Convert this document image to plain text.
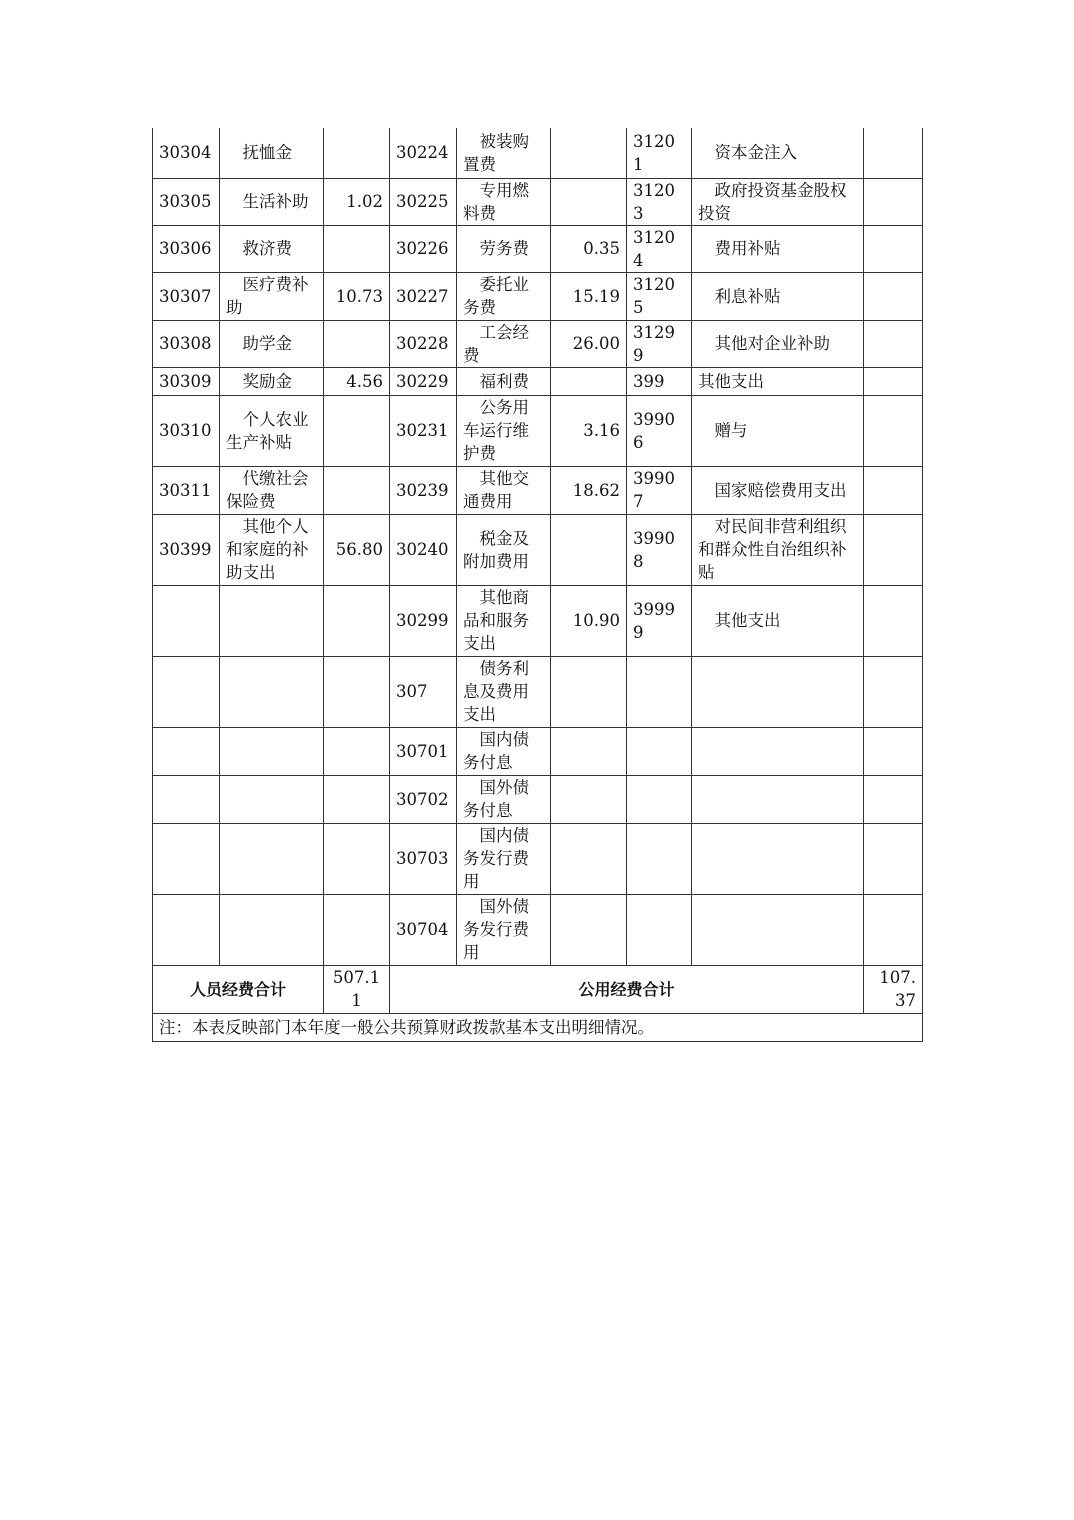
30304	抚恤金		30224	被装购置费		31201	资本金注入	
30305	生活补助	1.02	30225	专用燃料费		31203	政府投资基金股权投资	
30306	救济费		30226	劳务费	0.35	31204	费用补贴	
30307	医疗费补助	10.73	30227	委托业务费	15.19	31205	利息补贴	
30308	助学金		30228	工会经费	26.00	31299	其他对企业补助	
30309	奖励金	4.56	30229	福利费		399	其他支出	
30310	个人农业生产补贴		30231	公务用车运行维护费	3.16	39906	赠与	
30311	代缴社会保险费		30239	其他交通费用	18.62	39907	国家赔偿费用支出	
30399	其他个人和家庭的补助支出	56.80	30240	税金及附加费用		39908	对民间非营利组织和群众性自治组织补贴	
			30299	其他商品和服务支出	10.90	39999	其他支出	
			307	债务利息及费用支出				
			30701	国内债务付息				
			30702	国外债务付息				
			30703	国内债务发行费用				
			30704	国外债务发行费用				
人员经费合计		507.11	公用经费合计					107.37
注：本表反映部门本年度一般公共预算财政拨款基本支出明细情况。								
